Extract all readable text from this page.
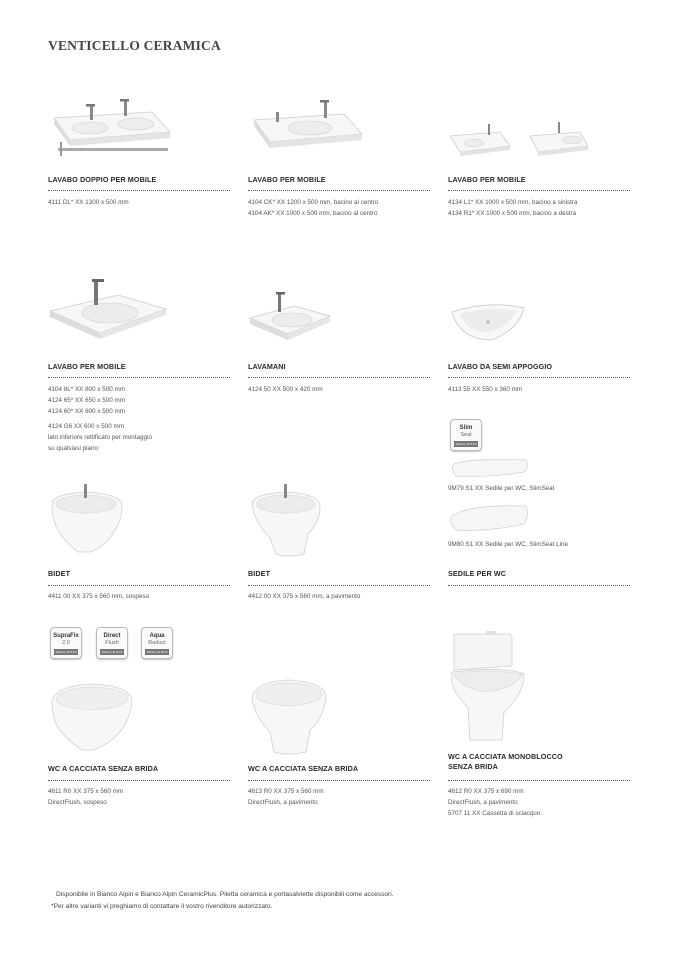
VENTICELLO CERAMICA
LAVABO DOPPIO PER MOBILE
4111 DL* XX 1300 x 500 mm
LAVABO PER MOBILE
4104 CK* XX 1200 x 500 mm, bacino al centro
4104 AK* XX 1000 x 500 mm, bacino al centro
LAVABO PER MOBILE
4134 L1* XX 1000 x 500 mm, bacino a sinistra
4134 R1* XX 1000 x 500 mm, bacino a destra
LAVABO PER MOBILE
4104 8L* XX 800 x 500 mm
4124 65* XX 650 x 500 mm
4124 60* XX 600 x 500 mm
4124 G6 XX 600 x 500 mm
lato inferiore rettificato per montaggio
su qualsiasi piano
LAVAMANI
4124 50 XX 500 x 420 mm
LAVABO DA SEMI APPOGGIO
4113 55 XX 550 x 360 mm
Slim
Seat
Villeroy & Boch
9M79 S1 XX Sedile per WC, SlimSeat
9M80 S1 XX Sedile per WC, SlimSeat Line
BIDET
4411 00 XX 375 x 560 mm, sospeso
BIDET
4412 00 XX 375 x 560 mm, a pavimento
SEDILE PER WC
SupraFix
2.0
Villeroy & Boch
Direct
Flush
Villeroy & Boch
Aqua
Reduct
Villeroy & Boch
WC A CACCIATA SENZA BRIDA
4611 R0 XX 375 x 560 mm
DirectFlush, sospeso
WC A CACCIATA SENZA BRIDA
4613 R0 XX 375 x 560 mm
DirectFlush, a pavimento
WC A CACCIATA MONOBLOCCO
SENZA BRIDA
4612 R0 XX 375 x 690 mm
DirectFlush, a pavimento
5707 11 XX Cassetta di sciacquo
Disponibile in Bianco Alpin e Bianco Alpin CeramicPlus. Piletta ceramica e portasalviette disponibili come accessori.
*Per altre varianti vi preghiamo di contattare il vostro rivenditore autorizzato.
